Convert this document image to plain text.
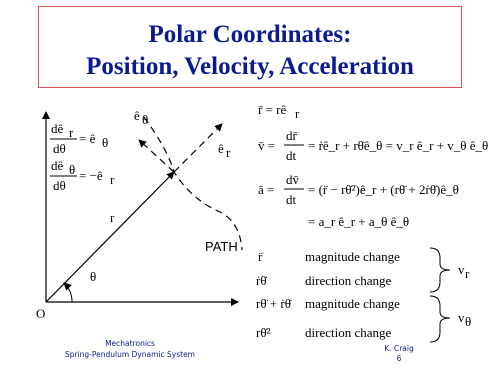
Polar Coordinates:
Position, Velocity, Acceleration
dê r
dθ
= ê θ
dê θ
dθ
= −ê r
O
r
θ
PATH
ê θ
ê r
r̄ = rê r
v̄ =
dr̄
dt
= ṙê_r + rθ̇ê_θ = v_r ê_r + v_θ ê_θ
ā =
dv̄
dt
= (r̈ − rθ̇²)ê_r + (rθ̈ + 2ṙθ̇)ê_θ
= a_r ê_r + a_θ ê_θ
r̈	magnitude change
ṙθ̇	direction change
rθ̈ + ṙθ̇ magnitude change
rθ̇²	direction change
v r
v θ
Mechatronics
Spring-Pendulum Dynamic System
K. Craig
6
